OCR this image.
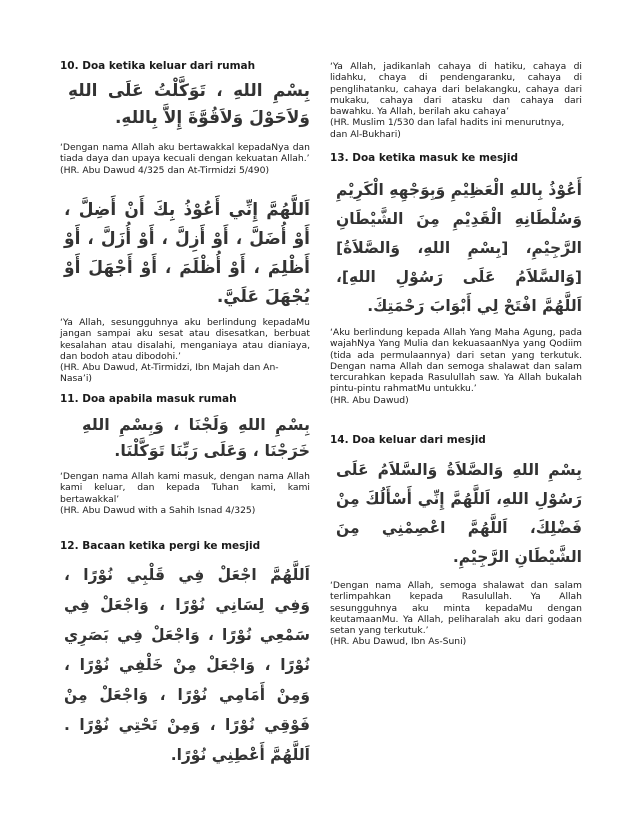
10. Doa ketika keluar dari rumah
بِسْمِ اللهِ ، تَوَكَّلْتُ عَلَى اللهِ وَلاَحَوْلَ وَلاَقُوَّةَ إِلاَّ بِاللهِ.
‘Dengan nama Allah aku bertawakkal kepadaNya dan tiada daya dan upaya kecuali dengan kekuatan Allah.’
(HR. Abu Dawud 4/325 dan At-Tirmidzi 5/490)
اَللَّهُمَّ إِنِّي أَعُوْذُ بِكَ أَنْ أَضِلَّ ، أَوْ أُضَلَّ ، أَوْ أَزِلَّ ، أَوْ أُزَلَّ ، أَوْ أَظْلِمَ ، أَوْ أُظْلَمَ ، أَوْ أَجْهَلَ أَوْ يُجْهَلَ عَلَيَّ.
‘Ya Allah, sesungguhnya aku berlindung kepadaMu jangan sampai aku sesat atau disesatkan, berbuat kesalahan atau disalahi, menganiaya atau dianiaya, dan bodoh atau dibodohi.’
(HR. Abu Dawud, At-Tirmidzi, Ibn Majah dan An-Nasa’i)
11. Doa apabila masuk rumah
بِسْمِ اللهِ وَلَجْنَا ، وَبِسْمِ اللهِ خَرَجْنَا ، وَعَلَى رَبِّنَا تَوَكَّلْنَا.
‘Dengan nama Allah kami masuk, dengan nama Allah kami keluar, dan kepada Tuhan kami, kami bertawakkal’
(HR. Abu Dawud with a Sahih Isnad 4/325)
12. Bacaan ketika pergi ke mesjid
اَللَّهُمَّ اجْعَلْ فِي قَلْبِي نُوْرًا ، وَفِي لِسَانِي نُوْرًا ، وَاجْعَلْ فِي سَمْعِي نُوْرًا ، وَاجْعَلْ فِي بَصَرِي نُوْرًا ، وَاجْعَلْ مِنْ خَلْفِي نُوْرًا ، وَمِنْ أَمَامِي نُوْرًا ، وَاجْعَلْ مِنْ فَوْقِي نُوْرًا ، وَمِنْ تَحْتِي نُوْرًا . اَللَّهُمَّ أَعْطِنِي نُوْرًا.
‘Ya Allah, jadikanlah cahaya di hatiku, cahaya di lidahku, chaya di pendengaranku, cahaya di penglihatanku, cahaya dari belakangku, cahaya dari mukaku, cahaya dari atasku dan cahaya dari bawahku. Ya Allah, berilah aku cahaya’
(HR. Muslim 1/530 dan lafal hadits ini menurutnya, dan Al-Bukhari)
13. Doa ketika masuk ke mesjid
أَعُوْذُ بِاللهِ الْعَظِيْمِ وَبِوَجْهِهِ الْكَرِيْمِ وَسُلْطَانِهِ الْقَدِيْمِ مِنَ الشَّيْطَانِ الرَّجِيْمِ، [بِسْمِ اللهِ، وَالصَّلاَةُ] [وَالسَّلاَمُ عَلَى رَسُوْلِ اللهِ]، اَللَّهُمَّ افْتَحْ لِي أَبْوَابَ رَحْمَتِكَ.
‘Aku berlindung kepada Allah Yang Maha Agung, pada wajahNya Yang Mulia dan kekuasaanNya yang Qodiim (tida ada permulaannya) dari setan yang terkutuk. Dengan nama Allah dan semoga shalawat dan salam tercurahkan kepada Rasulullah saw. Ya Allah bukalah pintu-pintu rahmatMu untukku.’
(HR. Abu Dawud)
14. Doa keluar dari mesjid
بِسْمِ اللهِ وَالصَّلاَةُ وَالسَّلاَمُ عَلَى رَسُوْلِ اللهِ، اَللَّهُمَّ إِنِّي أَسْأَلُكَ مِنْ فَضْلِكَ، اَللَّهُمَّ اعْصِمْنِي مِنَ الشَّيْطَانِ الرَّجِيْمِ.
‘Dengan nama Allah, semoga shalawat dan salam terlimpahkan kepada Rasulullah. Ya Allah sesungguhnya aku minta kepadaMu dengan keutamaanMu. Ya Allah, peliharalah aku dari godaan setan yang terkutuk.’
(HR. Abu Dawud, Ibn As-Suni)
